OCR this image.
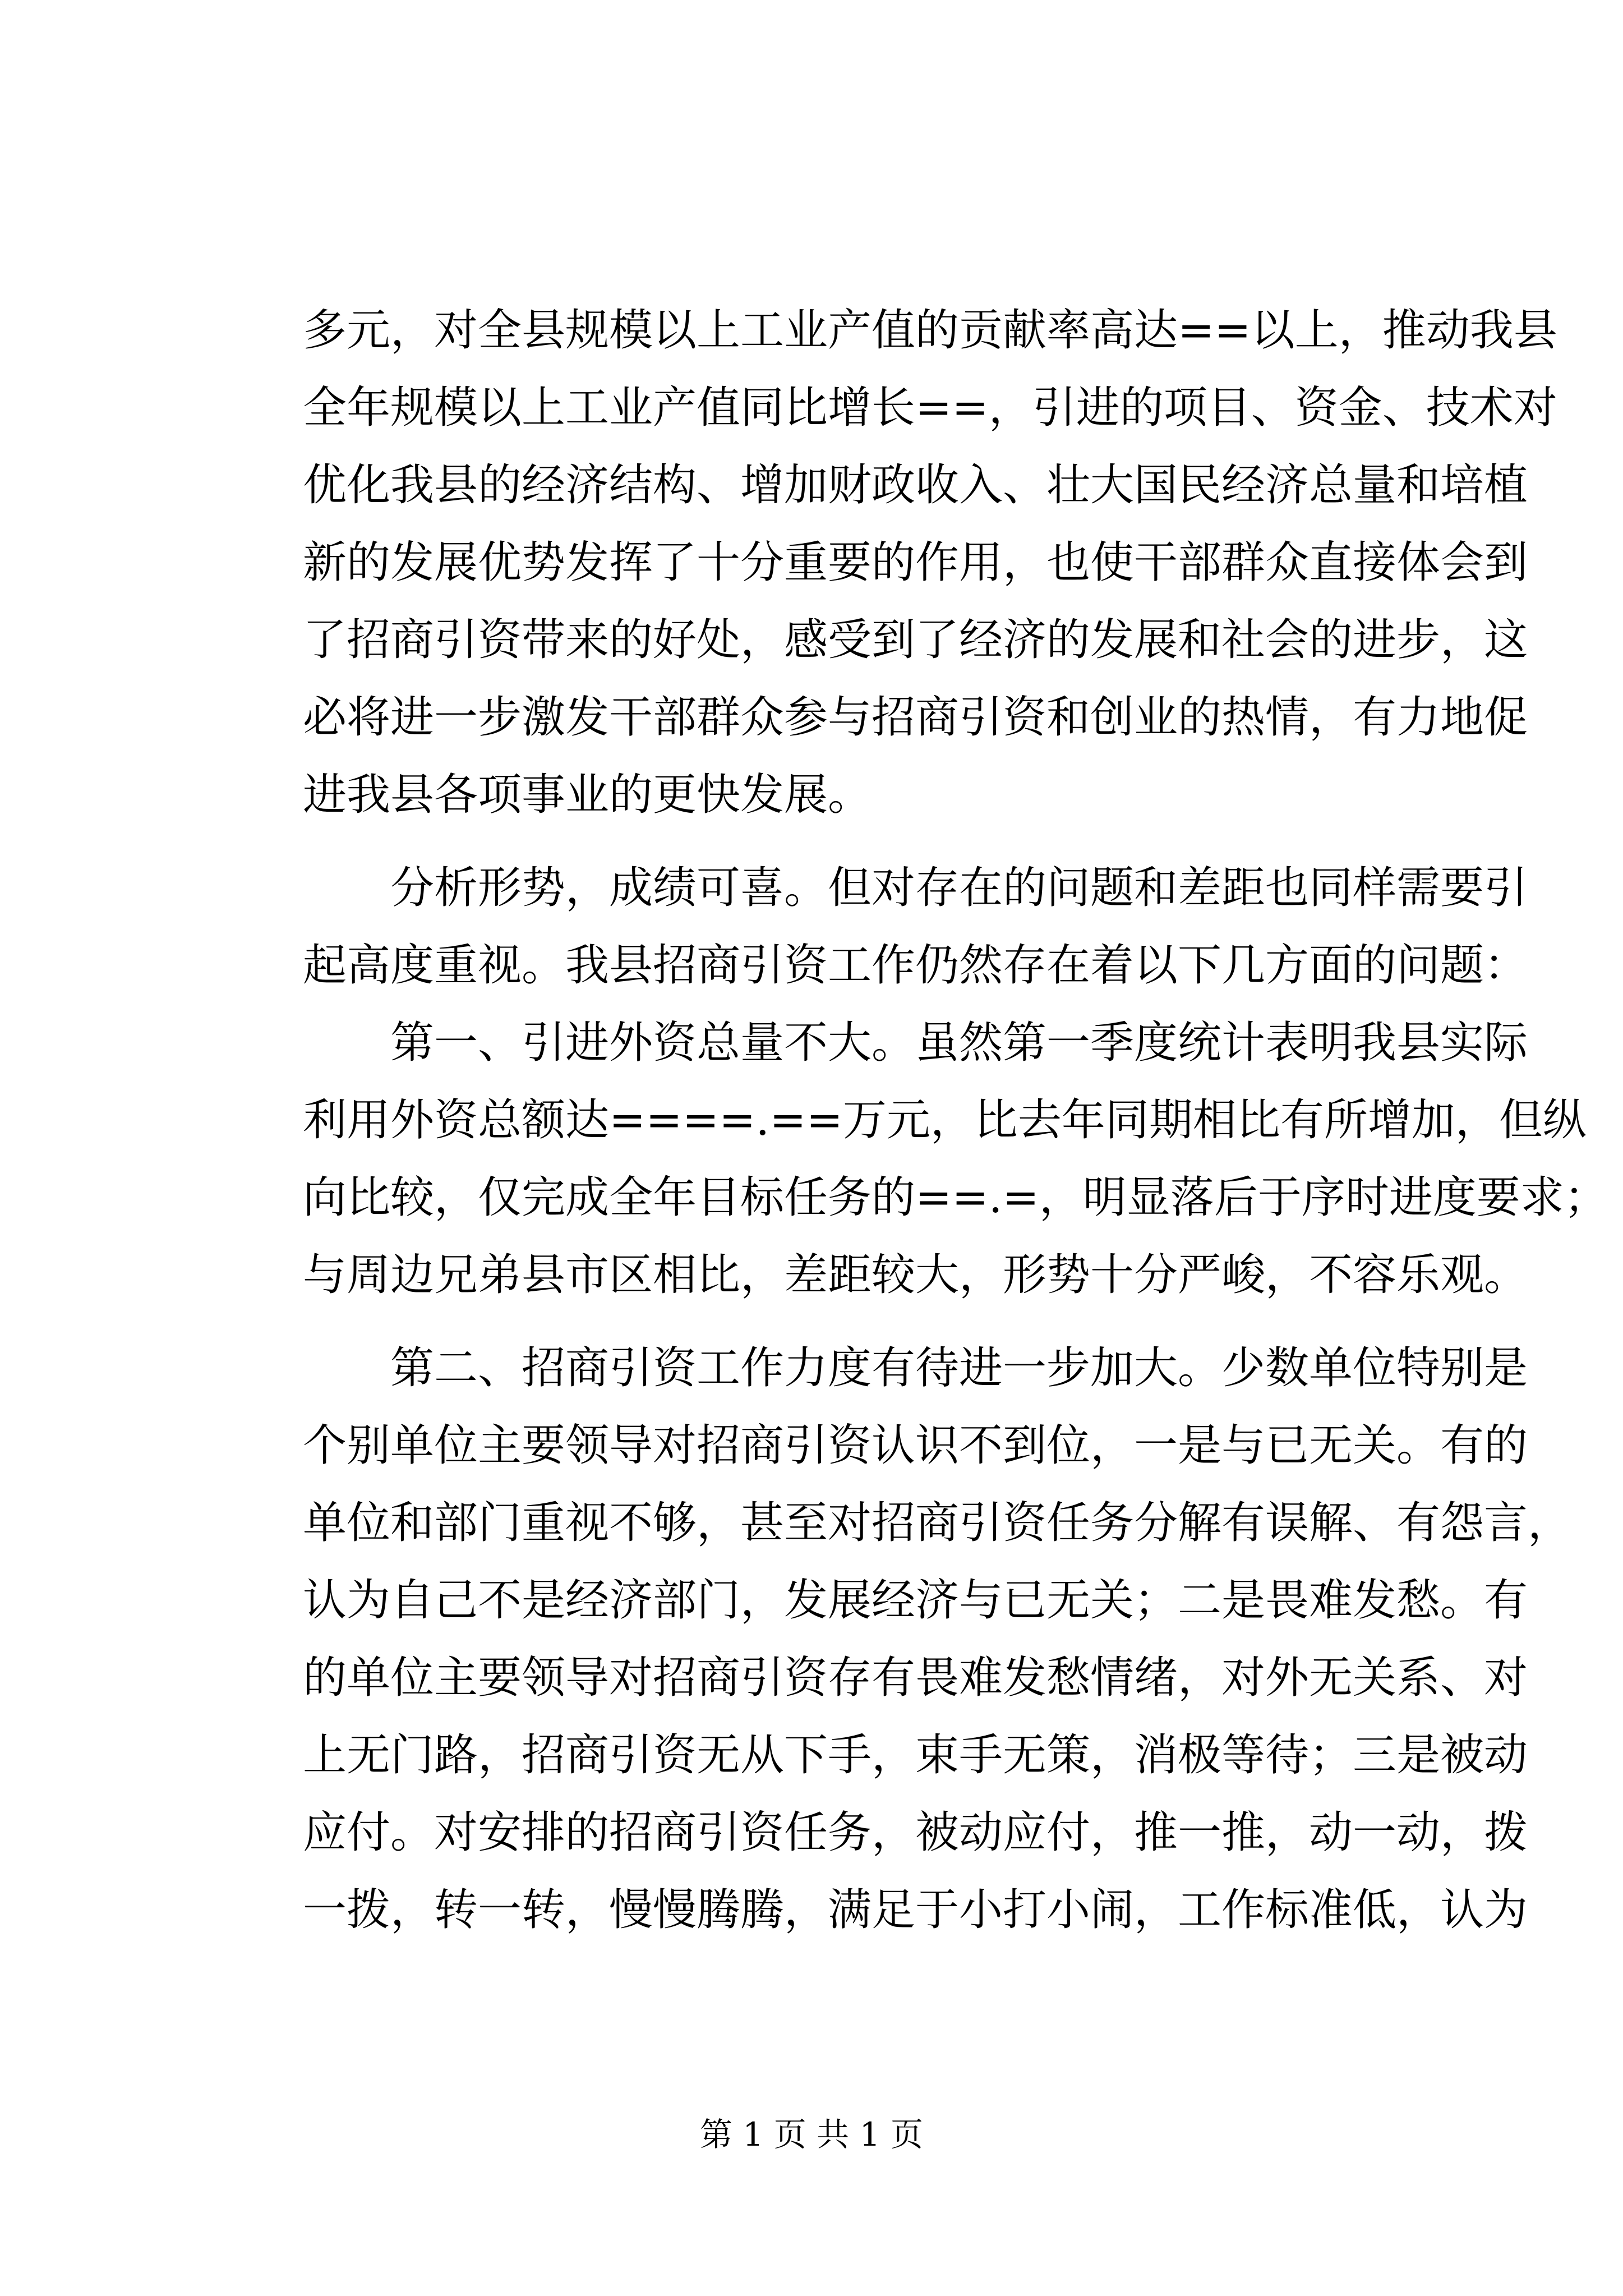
多元，对全县规模以上工业产值的贡献率高达==以上，推动我县
全年规模以上工业产值同比增长==，引进的项目、资金、技术对
优化我县的经济结构、增加财政收入、壮大国民经济总量和培植
新的发展优势发挥了十分重要的作用，也使干部群众直接体会到
了招商引资带来的好处，感受到了经济的发展和社会的进步，这
必将进一步激发干部群众参与招商引资和创业的热情，有力地促
进我县各项事业的更快发展。
　　分析形势，成绩可喜。但对存在的问题和差距也同样需要引
起高度重视。我县招商引资工作仍然存在着以下几方面的问题：
　　第一、引进外资总量不大。虽然第一季度统计表明我县实际
利用外资总额达====.==万元，比去年同期相比有所增加，但纵
向比较，仅完成全年目标任务的==.=，明显落后于序时进度要求；
与周边兄弟县市区相比，差距较大，形势十分严峻，不容乐观。
　　第二、招商引资工作力度有待进一步加大。少数单位特别是
个别单位主要领导对招商引资认识不到位，一是与已无关。有的
单位和部门重视不够，甚至对招商引资任务分解有误解、有怨言，
认为自己不是经济部门，发展经济与已无关；二是畏难发愁。有
的单位主要领导对招商引资存有畏难发愁情绪，对外无关系、对
上无门路，招商引资无从下手，束手无策，消极等待；三是被动
应付。对安排的招商引资任务，被动应付，推一推，动一动，拨
一拨，转一转，慢慢腾腾，满足于小打小闹，工作标准低，认为
第 1 页 共 1 页
